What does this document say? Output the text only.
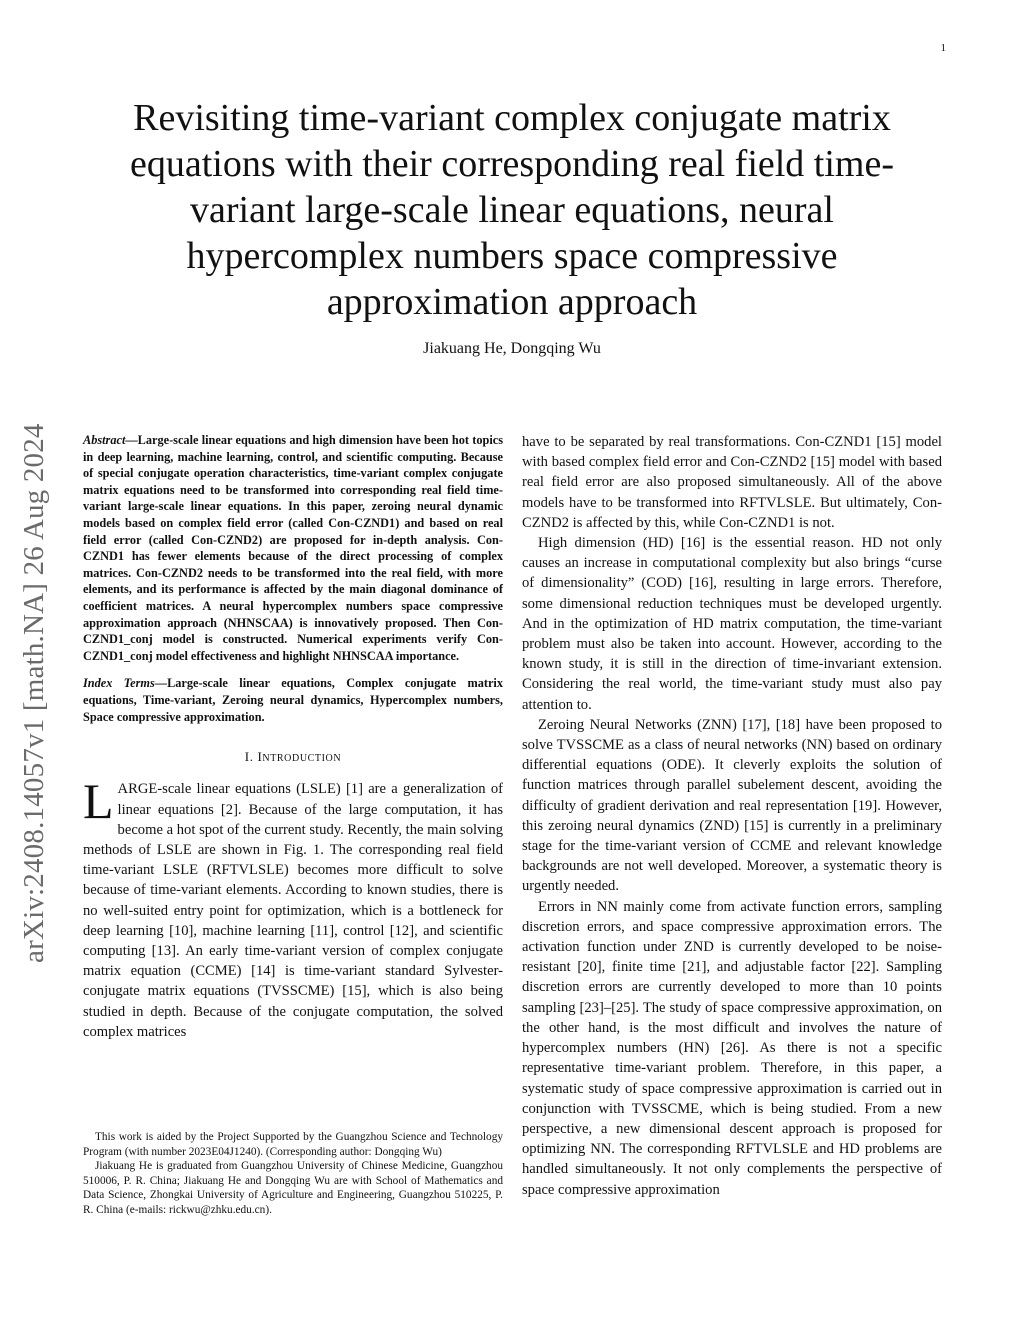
1
arXiv:2408.14057v1 [math.NA] 26 Aug 2024
Revisiting time-variant complex conjugate matrix equations with their corresponding real field time-variant large-scale linear equations, neural hypercomplex numbers space compressive approximation approach
Jiakuang He, Dongqing Wu

Abstract—Large-scale linear equations and high dimension have been hot topics in deep learning, machine learning, control, and scientific computing. Because of special conjugate operation characteristics, time-variant complex conjugate matrix equations need to be transformed into corresponding real field time-variant large-scale linear equations. In this paper, zeroing neural dynamic models based on complex field error (called Con-CZND1) and based on real field error (called Con-CZND2) are proposed for in-depth analysis. Con-CZND1 has fewer elements because of the direct processing of complex matrices. Con-CZND2 needs to be transformed into the real field, with more elements, and its performance is affected by the main diagonal dominance of coefficient matrices. A neural hypercomplex numbers space compressive approximation approach (NHNSCAA) is innovatively proposed. Then Con-CZND1_conj model is constructed. Numerical experiments verify Con-CZND1_conj model effectiveness and highlight NHNSCAA importance.

Index Terms—Large-scale linear equations, Complex conjugate matrix equations, Time-variant, Zeroing neural dynamics, Hypercomplex numbers, Space compressive approximation.

I. INTRODUCTION

LARGE-scale linear equations (LSLE) [1] are a generalization of linear equations [2]. Because of the large computation, it has become a hot spot of the current study. Recently, the main solving methods of LSLE are shown in Fig. 1. The corresponding real field time-variant LSLE (RFTVLSLE) becomes more difficult to solve because of time-variant elements. According to known studies, there is no well-suited entry point for optimization, which is a bottleneck for deep learning [10], machine learning [11], control [12], and scientific computing [13]. An early time-variant version of complex conjugate matrix equation (CCME) [14] is time-variant standard Sylvester-conjugate matrix equations (TVSSCME) [15], which is also being studied in depth. Because of the conjugate computation, the solved complex matrices

This work is aided by the Project Supported by the Guangzhou Science and Technology Program (with number 2023E04J1240). (Corresponding author: Dongqing Wu)

Jiakuang He is graduated from Guangzhou University of Chinese Medicine, Guangzhou 510006, P. R. China; Jiakuang He and Dongqing Wu are with School of Mathematics and Data Science, Zhongkai University of Agriculture and Engineering, Guangzhou 510225, P. R. China (e-mails: rickwu@zhku.edu.cn).

have to be separated by real transformations. Con-CZND1 [15] model with based complex field error and Con-CZND2 [15] model with based real field error are also proposed simultaneously. All of the above models have to be transformed into RFTVLSLE. But ultimately, Con-CZND2 is affected by this, while Con-CZND1 is not.

High dimension (HD) [16] is the essential reason. HD not only causes an increase in computational complexity but also brings “curse of dimensionality” (COD) [16], resulting in large errors. Therefore, some dimensional reduction techniques must be developed urgently. And in the optimization of HD matrix computation, the time-variant problem must also be taken into account. However, according to the known study, it is still in the direction of time-invariant extension. Considering the real world, the time-variant study must also pay attention to.

Zeroing Neural Networks (ZNN) [17], [18] have been proposed to solve TVSSCME as a class of neural networks (NN) based on ordinary differential equations (ODE). It cleverly exploits the solution of function matrices through parallel subelement descent, avoiding the difficulty of gradient derivation and real representation [19]. However, this zeroing neural dynamics (ZND) [15] is currently in a preliminary stage for the time-variant version of CCME and relevant knowledge backgrounds are not well developed. Moreover, a systematic theory is urgently needed.

Errors in NN mainly come from activate function errors, sampling discretion errors, and space compressive approximation errors. The activation function under ZND is currently developed to be noise-resistant [20], finite time [21], and adjustable factor [22]. Sampling discretion errors are currently developed to more than 10 points sampling [23]–[25]. The study of space compressive approximation, on the other hand, is the most difficult and involves the nature of hypercomplex numbers (HN) [26]. As there is not a specific representative time-variant problem. Therefore, in this paper, a systematic study of space compressive approximation is carried out in conjunction with TVSSCME, which is being studied. From a new perspective, a new dimensional descent approach is proposed for optimizing NN. The corresponding RFTVLSLE and HD problems are handled simultaneously. It not only complements the perspective of space compressive approximation
